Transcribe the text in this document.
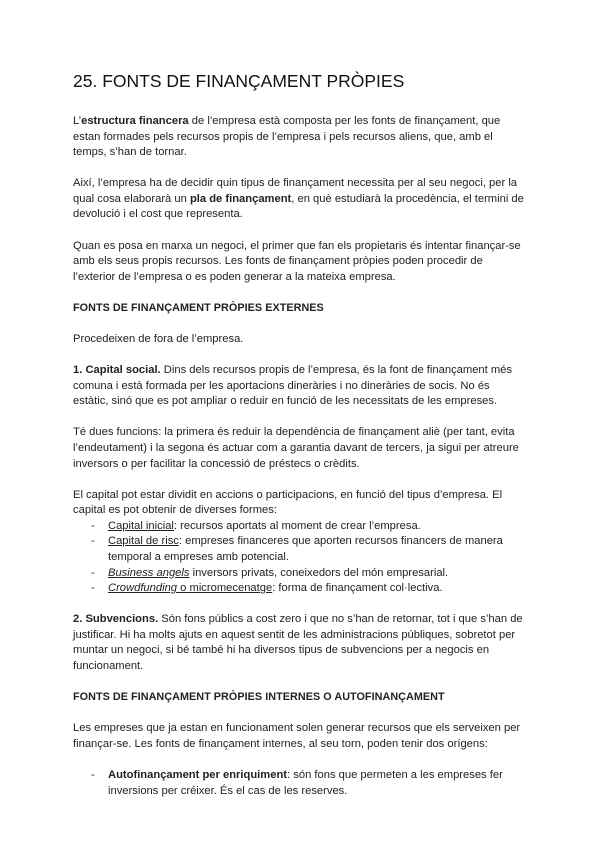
25. FONTS DE FINANÇAMENT PRÒPIES

L’estructura financera de l’empresa està composta per les fonts de finançament, que estan formades pels recursos propis de l’empresa i pels recursos aliens, que, amb el temps, s’han de tornar.

Així, l’empresa ha de decidir quin tipus de finançament necessita per al seu negoci, per la qual cosa elaborarà un pla de finançament, en què estudiarà la procedència, el termini de devolució i el cost que representa.

Quan es posa en marxa un negoci, el primer que fan els propietaris és intentar finançar-se amb els seus propis recursos. Les fonts de finançament pròpies poden procedir de l’exterior de l’empresa o es poden generar a la mateixa empresa.

FONTS DE FINANÇAMENT PRÒPIES EXTERNES

Procedeixen de fora de l’empresa.

1. Capital social. Dins dels recursos propis de l’empresa, és la font de finançament més comuna i està formada per les aportacions dineràries i no dineràries de socis. No és estàtic, sinó que es pot ampliar o reduir en funció de les necessitats de les empreses.

Té dues funcions: la primera és reduir la dependència de finançament aliè (per tant, evita l’endeutament) i la segona és actuar com a garantia davant de tercers, ja sigui per atreure inversors o per facilitar la concessió de préstecs o crèdits.

El capital pot estar dividit en accions o participacions, en funció del tipus d’empresa. El capital es pot obtenir de diverses formes:

- Capital inicial: recursos aportats al moment de crear l’empresa.
- Capital de risc: empreses financeres que aporten recursos financers de manera temporal a empreses amb potencial.
- Business angels inversors privats, coneixedors del món empresarial.
- Crowdfunding o micromecenatge: forma de finançament col·lectiva.

2. Subvencions. Són fons públics a cost zero i que no s’han de retornar, tot i que s’han de justificar. Hi ha molts ajuts en aquest sentit de les administracions públiques, sobretot per muntar un negoci, si bé també hi ha diversos tipus de subvencions per a negocis en funcionament.

FONTS DE FINANÇAMENT PRÒPIES INTERNES O AUTOFINANÇAMENT

Les empreses que ja estan en funcionament solen generar recursos que els serveixen per finançar-se. Les fonts de finançament internes, al seu torn, poden tenir dos orígens:

- Autofinançament per enriquiment: són fons que permeten a les empreses fer inversions per créixer. És el cas de les reserves.
